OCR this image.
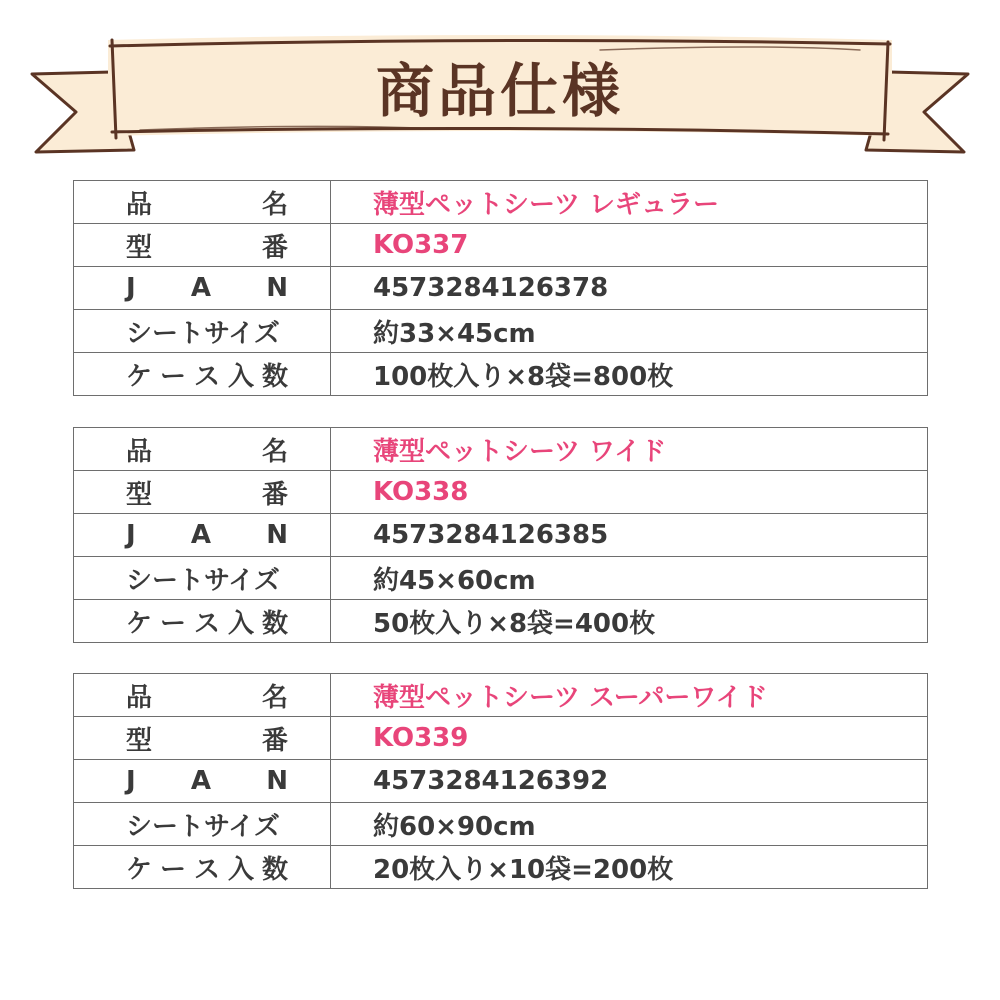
商品仕様
品 名	薄型ペットシーツ レギュラー

型 番	KO337

J A N	4573284126378

シートサイズ	約33×45cm

ケ ー ス 入 数	100枚入り×8袋=800枚
品 名	薄型ペットシーツ ワイド

型 番	KO338

J A N	4573284126385

シートサイズ	約45×60cm

ケ ー ス 入 数	50枚入り×8袋=400枚
品 名	薄型ペットシーツ スーパーワイド

型 番	KO339

J A N	4573284126392

シートサイズ	約60×90cm

ケ ー ス 入 数	20枚入り×10袋=200枚
